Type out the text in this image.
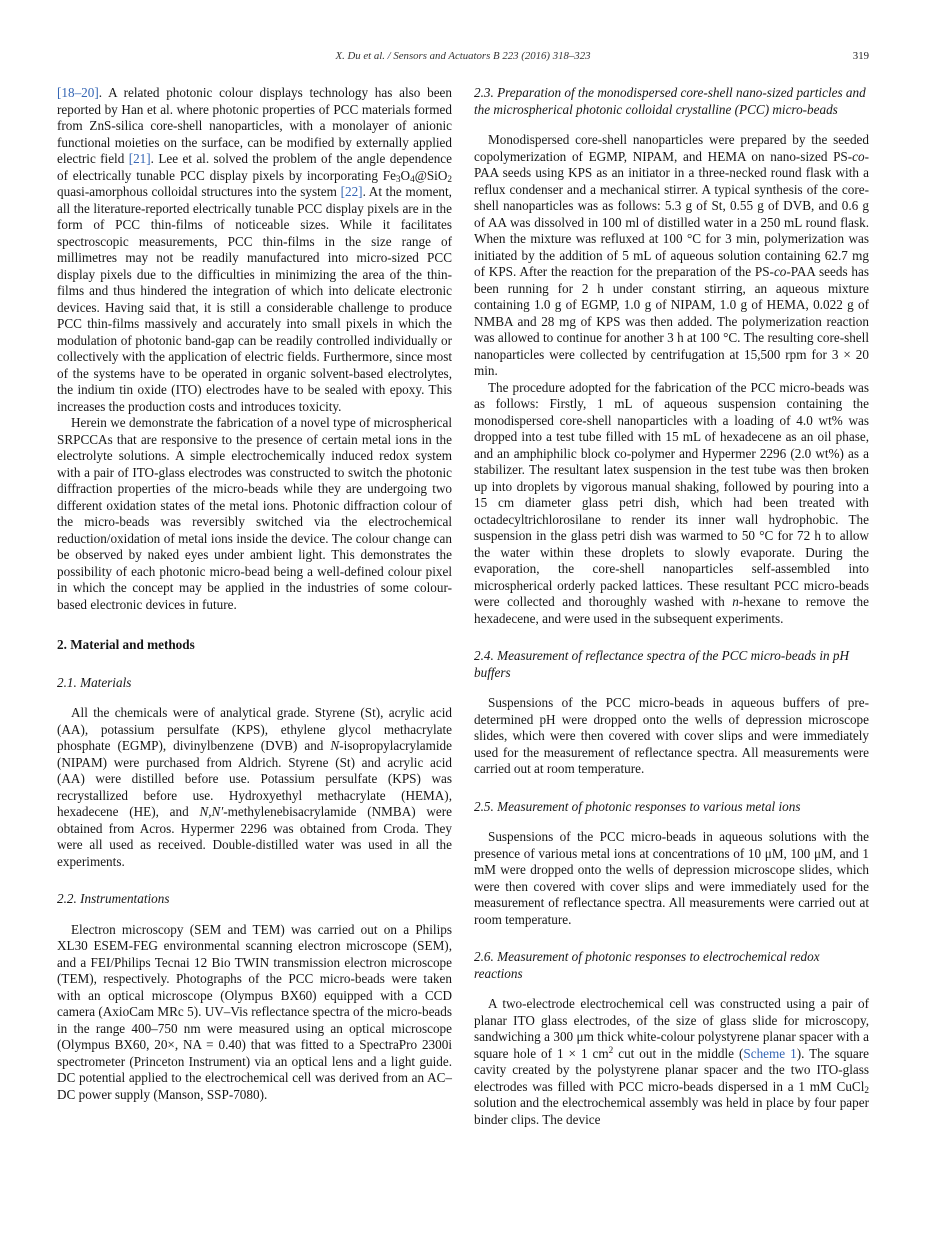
X. Du et al. / Sensors and Actuators B 223 (2016) 318–323	319

[18–20]. A related photonic colour displays technology has also been reported by Han et al. where photonic properties of PCC materials formed from ZnS-silica core-shell nanoparticles, with a monolayer of anionic functional moieties on the surface, can be modified by externally applied electric field [21]. Lee et al. solved the problem of the angle dependence of electrically tunable PCC display pixels by incorporating Fe3O4@SiO2 quasi-amorphous colloidal structures into the system [22]. At the moment, all the literature-reported electrically tunable PCC display pixels are in the form of PCC thin-films of noticeable sizes. While it facilitates spectroscopic measurements, PCC thin-films in the size range of millimetres may not be readily manufactured into micro-sized PCC display pixels due to the difficulties in minimizing the area of the thin-films and thus hindered the integration of which into delicate electronic devices. Having said that, it is still a considerable challenge to produce PCC thin-films massively and accurately into small pixels in which the modulation of photonic band-gap can be readily controlled individually or collectively with the application of electric fields. Furthermore, since most of the systems have to be operated in organic solvent-based electrolytes, the indium tin oxide (ITO) electrodes have to be sealed with epoxy. This increases the production costs and introduces toxicity.

Herein we demonstrate the fabrication of a novel type of microspherical SRPCCAs that are responsive to the presence of certain metal ions in the electrolyte solutions. A simple electrochemically induced redox system with a pair of ITO-glass electrodes was constructed to switch the photonic diffraction properties of the micro-beads while they are undergoing two different oxidation states of the metal ions. Photonic diffraction colour of the micro-beads was reversibly switched via the electrochemical reduction/oxidation of metal ions inside the device. The colour change can be observed by naked eyes under ambient light. This demonstrates the possibility of each photonic micro-bead being a well-defined colour pixel in which the concept may be applied in the industries of some colour-based electronic devices in future.

2. Material and methods
2.1. Materials

All the chemicals were of analytical grade. Styrene (St), acrylic acid (AA), potassium persulfate (KPS), ethylene glycol methacrylate phosphate (EGMP), divinylbenzene (DVB) and N-isopropylacrylamide (NIPAM) were purchased from Aldrich. Styrene (St) and acrylic acid (AA) were distilled before use. Potassium persulfate (KPS) was recrystallized before use. Hydroxyethyl methacrylate (HEMA), hexadecene (HE), and N,N′-methylenebisacrylamide (NMBA) were obtained from Acros. Hypermer 2296 was obtained from Croda. They were all used as received. Double-distilled water was used in all the experiments.

2.2. Instrumentations

Electron microscopy (SEM and TEM) was carried out on a Philips XL30 ESEM-FEG environmental scanning electron microscope (SEM), and a FEI/Philips Tecnai 12 Bio TWIN transmission electron microscope (TEM), respectively. Photographs of the PCC micro-beads were taken with an optical microscope (Olympus BX60) equipped with a CCD camera (AxioCam MRc 5). UV–Vis reflectance spectra of the micro-beads in the range 400–750 nm were measured using an optical microscope (Olympus BX60, 20×, NA = 0.40) that was fitted to a SpectraPro 2300i spectrometer (Princeton Instrument) via an optical lens and a light guide. DC potential applied to the electrochemical cell was derived from an AC–DC power supply (Manson, SSP-7080).

2.3. Preparation of the monodispersed core-shell nano-sized particles and the microspherical photonic colloidal crystalline (PCC) micro-beads

Monodispersed core-shell nanoparticles were prepared by the seeded copolymerization of EGMP, NIPAM, and HEMA on nano-sized PS-co-PAA seeds using KPS as an initiator in a three-necked round flask with a reflux condenser and a mechanical stirrer. A typical synthesis of the core-shell nanoparticles was as follows: 5.3 g of St, 0.55 g of DVB, and 0.6 g of AA was dissolved in 100 ml of distilled water in a 250 mL round flask. When the mixture was refluxed at 100 °C for 3 min, polymerization was initiated by the addition of 5 mL of aqueous solution containing 62.7 mg of KPS. After the reaction for the preparation of the PS-co-PAA seeds has been running for 2 h under constant stirring, an aqueous mixture containing 1.0 g of EGMP, 1.0 g of NIPAM, 1.0 g of HEMA, 0.022 g of NMBA and 28 mg of KPS was then added. The polymerization reaction was allowed to continue for another 3 h at 100 °C. The resulting core-shell nanoparticles were collected by centrifugation at 15,500 rpm for 3 × 20 min.

The procedure adopted for the fabrication of the PCC micro-beads was as follows: Firstly, 1 mL of aqueous suspension containing the monodispersed core-shell nanoparticles with a loading of 4.0 wt% was dropped into a test tube filled with 15 mL of hexadecene as an oil phase, and an amphiphilic block co-polymer and Hypermer 2296 (2.0 wt%) as a stabilizer. The resultant latex suspension in the test tube was then broken up into droplets by vigorous manual shaking, followed by pouring into a 15 cm diameter glass petri dish, which had been treated with octadecyltrichlorosilane to render its inner wall hydrophobic. The suspension in the glass petri dish was warmed to 50 °C for 72 h to allow the water within these droplets to slowly evaporate. During the evaporation, the core-shell nanoparticles self-assembled into microspherical orderly packed lattices. These resultant PCC micro-beads were collected and thoroughly washed with n-hexane to remove the hexadecene, and were used in the subsequent experiments.

2.4. Measurement of reflectance spectra of the PCC micro-beads in pH buffers

Suspensions of the PCC micro-beads in aqueous buffers of pre-determined pH were dropped onto the wells of depression microscope slides, which were then covered with cover slips and were immediately used for the measurement of reflectance spectra. All measurements were carried out at room temperature.

2.5. Measurement of photonic responses to various metal ions

Suspensions of the PCC micro-beads in aqueous solutions with the presence of various metal ions at concentrations of 10 μM, 100 μM, and 1 mM were dropped onto the wells of depression microscope slides, which were then covered with cover slips and were immediately used for the measurement of reflectance spectra. All measurements were carried out at room temperature.

2.6. Measurement of photonic responses to electrochemical redox reactions

A two-electrode electrochemical cell was constructed using a pair of planar ITO glass electrodes, of the size of glass slide for microscopy, sandwiching a 300 μm thick white-colour polystyrene planar spacer with a square hole of 1 × 1 $cm^2$ cut out in the middle (Scheme 1). The square cavity created by the polystyrene planar spacer and the two ITO-glass electrodes was filled with PCC micro-beads dispersed in a 1 mM CuCl2 solution and the electrochemical assembly was held in place by four paper binder clips. The device
